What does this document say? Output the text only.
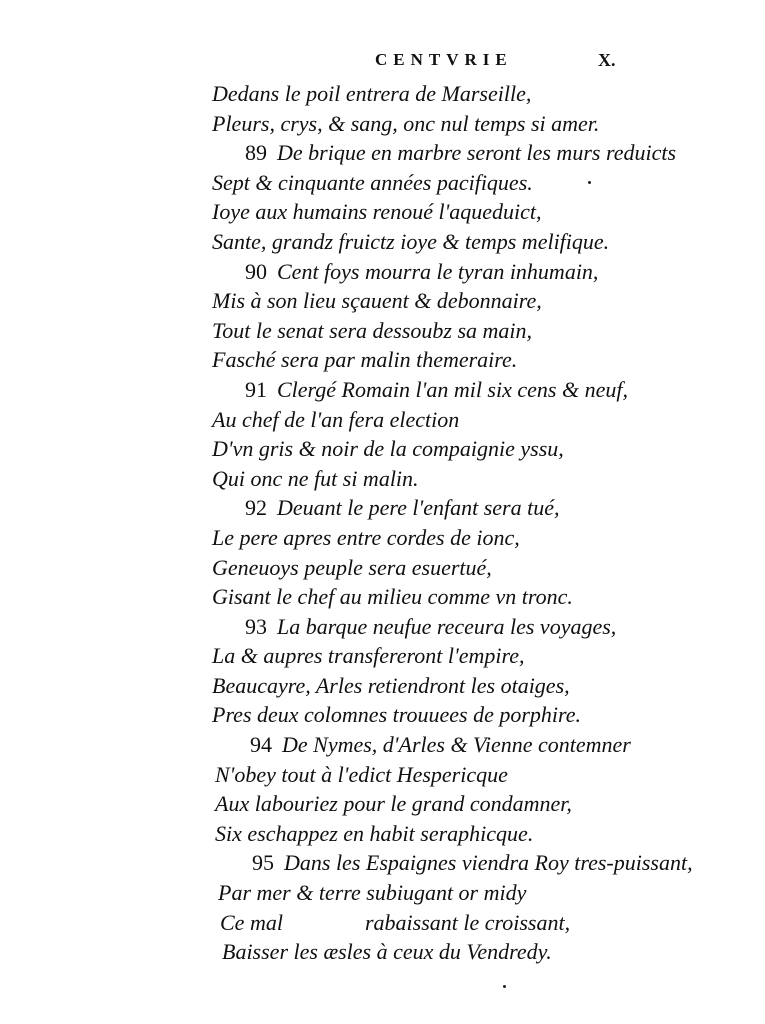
CENTVRIE	X.
Dedans le poil entrera de Marseille,
Pleurs, crys, & sang, onc nul temps si amer.
89 De brique en marbre seront les murs reduicts
Sept & cinquante années pacifiques.
Ioye aux humains renoué l'aqueduict,
Sante, grandz fruictz ioye & temps melifique.
90 Cent foys mourra le tyran inhumain,
Mis à son lieu sçauent & debonnaire,
Tout le senat sera dessoubz sa main,
Fasché sera par malin themeraire.
91 Clergé Romain l'an mil six cens & neuf,
Au chef de l'an fera election
D'vn gris & noir de la compaignie yssu,
Qui onc ne fut si malin.
92 Deuant le pere l'enfant sera tué,
Le pere apres entre cordes de ionc,
Geneuoys peuple sera esuertué,
Gisant le chef au milieu comme vn tronc.
93 La barque neufue receura les voyages,
La & aupres transfereront l'empire,
Beaucayre, Arles retiendront les otaiges,
Pres deux colomnes trouuees de porphire.
94 De Nymes, d'Arles & Vienne contemner
N'obey tout à l'edict Hespericque
Aux labouriez pour le grand condamner,
Six eschappez en habit seraphicque.
95 Dans les Espaignes viendra Roy tres-puissant,
Par mer & terre subiugant or midy
Ce mal	rabaissant le croissant,
Baisser les æsles à ceux du Vendredy.
